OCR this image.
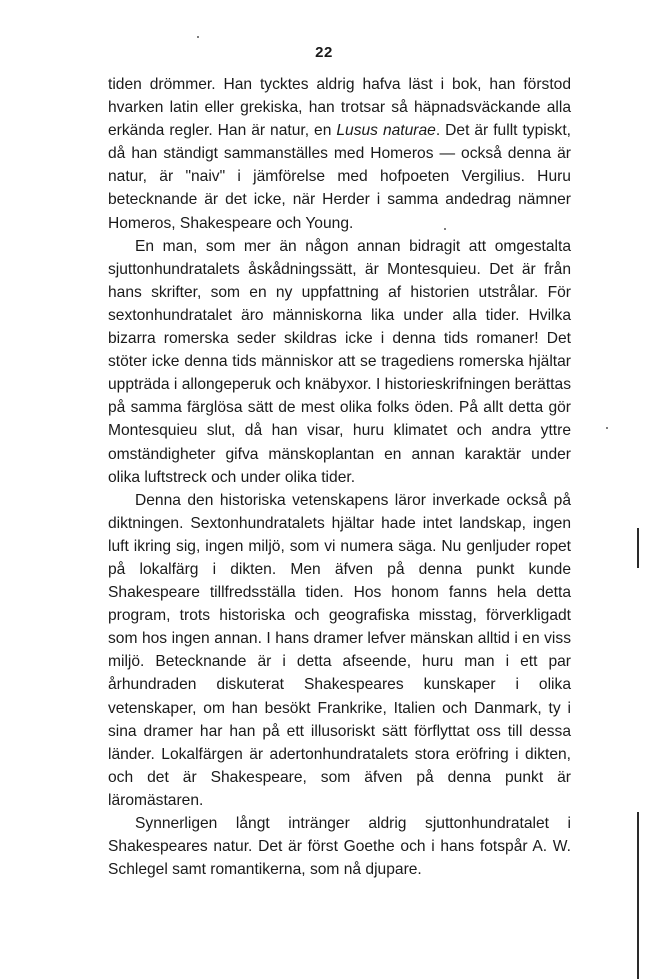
22

tiden drömmer. Han tycktes aldrig hafva läst i bok, han förstod hvarken latin eller grekiska, han trotsar så häpnadsväckande alla erkända regler. Han är natur, en Lusus naturae. Det är fullt typiskt, då han ständigt sammanställes med Homeros — också denna är natur, är "naiv" i jämförelse med hofpoeten Vergilius. Huru betecknande är det icke, när Herder i samma andedrag nämner Homeros, Shakespeare och Young.

En man, som mer än någon annan bidragit att omgestalta sjuttonhundratalets åskådningssätt, är Montesquieu. Det är från hans skrifter, som en ny uppfattning af historien utstrålar. För sextonhundratalet äro människorna lika under alla tider. Hvilka bizarra romerska seder skildras icke i denna tids romaner! Det stöter icke denna tids människor att se tragediens romerska hjältar uppträda i allongeperuk och knäbyxor. I historieskrifningen berättas på samma färglösa sätt de mest olika folks öden. På allt detta gör Montesquieu slut, då han visar, huru klimatet och andra yttre omständigheter gifva mänskoplantan en annan karaktär under olika luftstreck och under olika tider.

Denna den historiska vetenskapens läror inverkade också på diktningen. Sextonhundratalets hjältar hade intet landskap, ingen luft ikring sig, ingen miljö, som vi numera säga. Nu genljuder ropet på lokalfärg i dikten. Men äfven på denna punkt kunde Shakespeare tillfredsställa tiden. Hos honom fanns hela detta program, trots historiska och geografiska misstag, förverkligadt som hos ingen annan. I hans dramer lefver mänskan alltid i en viss miljö. Betecknande är i detta afseende, huru man i ett par århundraden diskuterat Shakespeares kunskaper i olika vetenskaper, om han besökt Frankrike, Italien och Danmark, ty i sina dramer har han på ett illusoriskt sätt förflyttat oss till dessa länder. Lokalfärgen är adertonhundratalets stora eröfring i dikten, och det är Shakespeare, som äfven på denna punkt är läromästaren.

Synnerligen långt intränger aldrig sjuttonhundratalet i Shakespeares natur. Det är först Goethe och i hans fotspår A. W. Schlegel samt romantikerna, som nå djupare.
